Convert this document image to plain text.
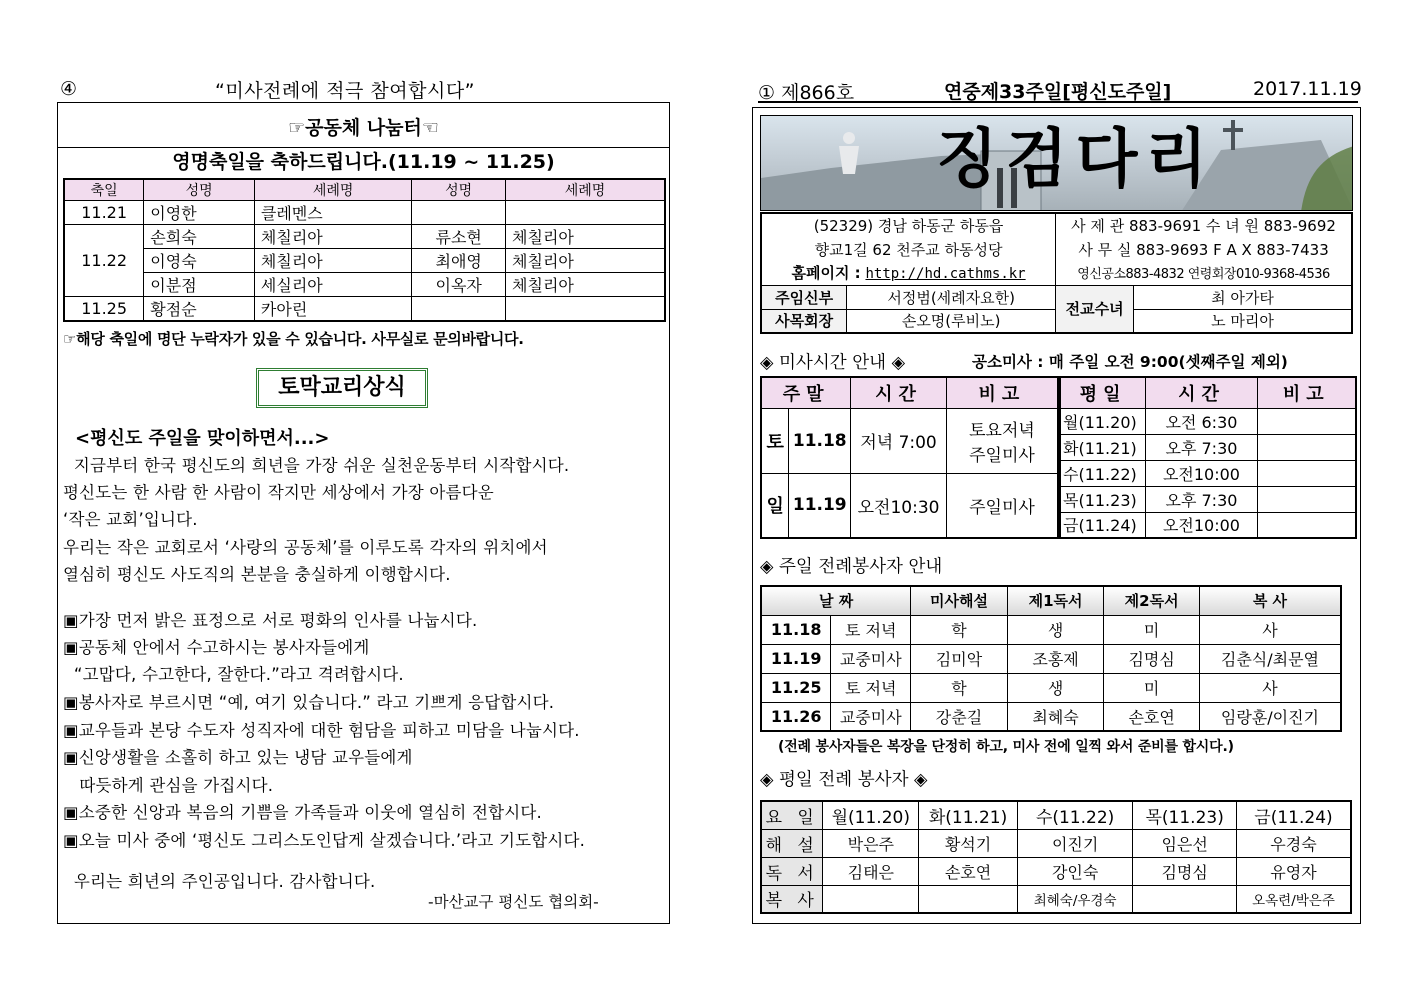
④	“미사전례에 적극 참여합시다”
☞공동체 나눔터☜
영명축일을 축하드립니다.(11.19 ~ 11.25)
축일	성명	세례명	성명	세례명
11.21	이영한	클레멘스		
11.22	손희숙	체칠리아	류소현	체칠리아
	이영숙	체칠리아	최애영	체칠리아
	이분점	세실리아	이옥자	체칠리아
11.25	황점순	카아린		
☞해당 축일에 명단 누락자가 있을 수 있습니다. 사무실로 문의바랍니다.
토막교리상식
<평신도 주일을 맞이하면서...>
지금부터 한국 평신도의 희년을 가장 쉬운 실천운동부터 시작합시다.
평신도는 한 사람 한 사람이 작지만 세상에서 가장 아름다운
‘작은 교회’입니다.
우리는 작은 교회로서 ‘사랑의 공동체’를 이루도록 각자의 위치에서
열심히 평신도 사도직의 본분을 충실하게 이행합시다.
▣가장 먼저 밝은 표정으로 서로 평화의 인사를 나눕시다.
▣공동체 안에서 수고하시는 봉사자들에게
“고맙다, 수고한다, 잘한다.”라고 격려합시다.
▣봉사자로 부르시면 “예, 여기 있습니다.” 라고 기쁘게 응답합시다.
▣교우들과 본당 수도자 성직자에 대한 험담을 피하고 미담을 나눕시다.
▣신앙생활을 소홀히 하고 있는 냉담 교우들에게
따듯하게 관심을 가집시다.
▣소중한 신앙과 복음의 기쁨을 가족들과 이웃에 열심히 전합시다.
▣오늘 미사 중에 ‘평신도 그리스도인답게 살겠습니다.’라고 기도합시다.
우리는 희년의 주인공입니다. 감사합니다.
-마산교구 평신도 협의회-
① 제866호	연중제33주일[평신도주일]	2017.11.19
징검다리
(52329) 경남 하동군 하동읍		사 제 관 883-9691 수 녀 원 883-9692	
향교1길 62 천주교 하동성당		사 무 실 883-9693 F A X 883-7433	
홈페이지 : http://hd.cathms.kr		영신공소883-4832 연령회장010-9368-4536	
주임신부	서정범(세례자요한)	전교수녀	최 아가타
사목회장	손오명(루비노)		노 마리아
◈ 미사시간 안내 ◈	공소미사 : 매 주일 오전 9:00(셋째주일 제외)
주말		시간	비고
토	11.18	저녁 7:00	토요저녁
주일미사

일	11.19	오전10:30	주일미사
평일	시간	비고
월(11.20)	오전 6:30	
화(11.21)	오후 7:30	
수(11.22)	오전10:00	
목(11.23)	오후 7:30	
금(11.24)	오전10:00	
◈ 주일 전례봉사자 안내
날 짜		미사해설	제1독서	제2독서	복 사
11.18	토 저녁	학	생	미	사
11.19	교중미사	김미악	조홍제	김명심	김춘식/최문열
11.25	토 저녁	학	생	미	사
11.26	교중미사	강춘길	최혜숙	손호연	임랑훈/이진기
(전례 봉사자들은 복장을 단정히 하고, 미사 전에 일찍 와서 준비를 합시다.)
◈ 평일 전례 봉사자 ◈
요 일	월(11.20)	화(11.21)	수(11.22)	목(11.23)	금(11.24)
해 설	박은주	황석기	이진기	임은선	우경숙
독 서	김태은	손호연	강인숙	김명심	유영자
복 사			최혜숙/우경숙		오옥련/박은주
